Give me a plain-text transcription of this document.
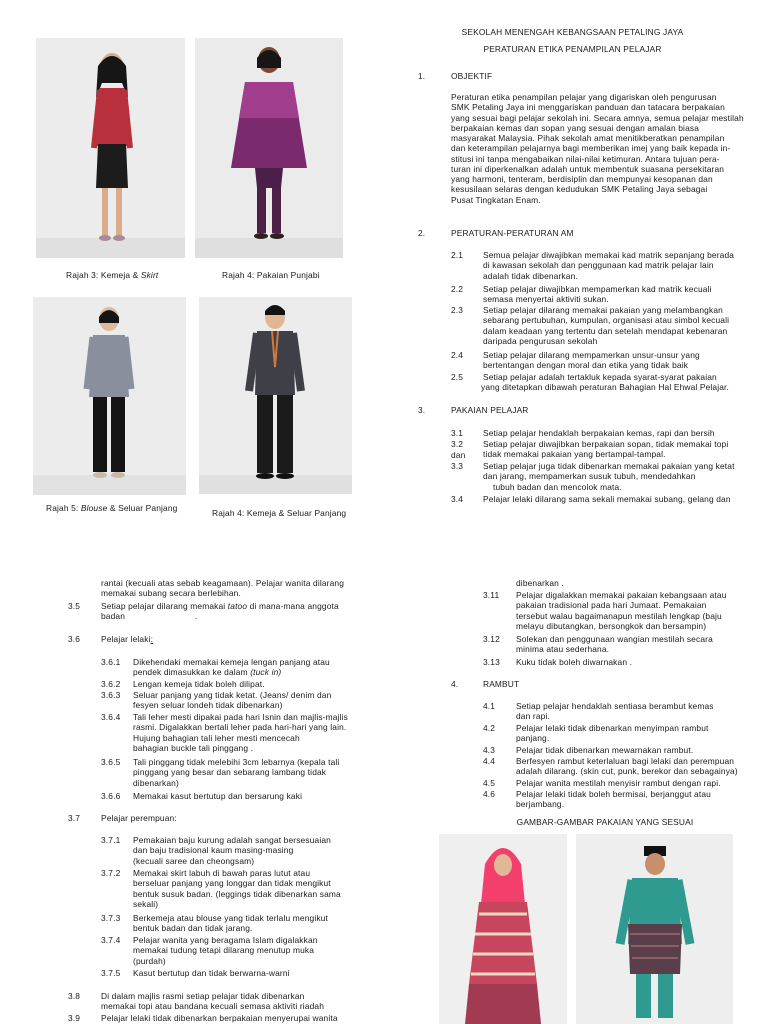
Rajah 3: Kemeja & Skirt	Rajah 4: Pakaian Punjabi
Rajah 5: Blouse & Seluar Panjang	Rajah 4: Kemeja & Seluar Panjang
SEKOLAH MENENGAH KEBANGSAAN PETALING JAYA
PERATURAN ETIKA PENAMPILAN PELAJAR
1.	OBJEKTIF

Peraturan etika penampilan pelajar yang digariskan oleh pengurusan

SMK Petaling Jaya ini menggariskan panduan dan tatacara berpakaian

yang sesuai bagi pelajar sekolah ini. Secara amnya, semua pelajar mestilah

berpakaian kemas dan sopan yang sesuai dengan amalan biasa

masyarakat Malaysia. Pihak sekolah amat menitikberatkan penampilan

dan keterampilan pelajarnya bagi memberikan imej yang baik kepada in-

stitusi ini tanpa mengabaikan nilai-nilai ketimuran. Antara tujuan pera-

turan ini diperkenalkan adalah untuk membentuk suasana persekitaran

yang harmoni, tenteram, berdisiplin dan mempunyai kesopanan dan

kesusilaan selaras dengan kedudukan SMK Petaling Jaya sebagai

Pusat Tingkatan Enam.

2.	PERATURAN-PERATURAN AM
2.1 Semua pelajar diwajibkan memakai kad matrik sepanjang berada

di kawasan sekolah dan penggunaan kad matrik pelajar lain

adalah tidak dibenarkan.

2.2 Setiap pelajar diwajibkan mempamerkan kad matrik kecuali

semasa menyertai aktiviti sukan.

2.3 Setiap pelajar dilarang memakai pakaian yang melambangkan

sebarang pertubuhan, kumpulan, organisasi atau simbol kecuali

dalam keadaan yang tertentu dan setelah mendapat kebenaran

daripada pengurusan sekolah

2.4 Setiap pelajar dilarang mempamerkan unsur-unsur yang

bertentangan dengan moral dan etika yang tidak baik

2.5 Setiap pelajar adalah tertakluk kepada syarat-syarat pakaian

yang ditetapkan dibawah peraturan Bahagian Hal Ehwal Pelajar.

3.	PAKAIAN PELAJAR
3.1 Setiap pelajar hendaklah berpakaian kemas, rapi dan bersih

3.2 Setiap pelajar diwajibkan berpakaian sopan, tidak memakai topi

dan tidak memakai pakaian yang bertampal-tampal.

3.3 Setiap pelajar juga tidak dibenarkan memakai pakaian yang ketat

dan jarang, mempamerkan susuk tubuh, mendedahkan

tubuh badan dan mencolok mata.

3.4 Pelajar lelaki dilarang sama sekali memakai subang, gelang dan

rantai (kecuali atas sebab keagamaan). Pelajar wanita dilarang

memakai subang secara berlebihan.

3.5 Setiap pelajar dilarang memakai tatoo di mana-mana anggota

badan	.

3.6 Pelajar lelaki:

3.6.1 Dikehendaki memakai kemeja lengan panjang atau

pendek dimasukkan ke dalam (tuck in)

3.6.2 Lengan kemeja tidak boleh dilipat.

3.6.3 Seluar panjang yang tidak ketat. (Jeans/ denim dan

fesyen seluar londeh tidak dibenarkan)

3.6.4 Tali leher mesti dipakai pada hari Isnin dan majlis-majlis

rasmi. Digalakkan bertali leher pada hari-hari yang lain.

Hujung bahagian tali leher mesti mencecah

bahagian buckle tali pinggang .

3.6.5 Tali pinggang tidak melebihi 3cm lebarnya (kepala tali

pinggang yang besar dan sebarang lambang tidak

dibenarkan)

3.6.6 Memakai kasut bertutup dan bersarung kaki

3.7 Pelajar perempuan:

3.7.1 Pemakaian baju kurung adalah sangat bersesuaian

dan baju tradisional kaum masing-masing

(kecuali saree dan cheongsam)

3.7.2 Memakai skirt labuh di bawah paras lutut atau

berseluar panjang yang longgar dan tidak mengikut

bentuk susuk badan. (leggings tidak dibenarkan sama

sekali)

3.7.3 Berkemeja atau blouse yang tidak terlalu mengikut

bentuk badan dan tidak jarang.

3.7.4 Pelajar wanita yang beragama Islam digalakkan

memakai tudung tetapi dilarang menutup muka

(purdah)

3.7.5 Kasut bertutup dan tidak berwarna-warni

3.8 Di dalam majlis rasmi setiap pelajar tidak dibenarkan

memakai topi atau bandana kecuali semasa aktiviti riadah

3.9 Pelajar lelaki tidak dibenarkan berpakaian menyerupai wanita

dibenarkan .
3.11 Pelajar digalakkan memakai pakaian kebangsaan atau

pakaian tradisional pada hari Jumaat. Pemakaian

tersebut walau bagaimanapun mestilah lengkap (baju

melayu dibutangkan, bersongkok dan bersampin)

3.12 Solekan dan penggunaan wangian mestilah secara

minima atau sederhana.

3.13 Kuku tidak boleh diwarnakan .

4.	RAMBUT
4.1 Setiap pelajar hendaklah sentiasa berambut kemas

dan rapi.

4.2 Pelajar lelaki tidak dibenarkan menyimpan rambut

panjang.

4.3 Pelajar tidak dibenarkan mewarnakan rambut.

4.4 Berfesyen rambut keterlaluan bagi lelaki dan perempuan

adalah dilarang. (skin cut, punk, berekor dan sebagainya)

4.5 Pelajar wanita mestilah menyisir rambut dengan rapi.

4.6 Pelajar lelaki tidak boleh bermisai, berjanggut atau

berjambang.

GAMBAR-GAMBAR PAKAIAN YANG SESUAI
